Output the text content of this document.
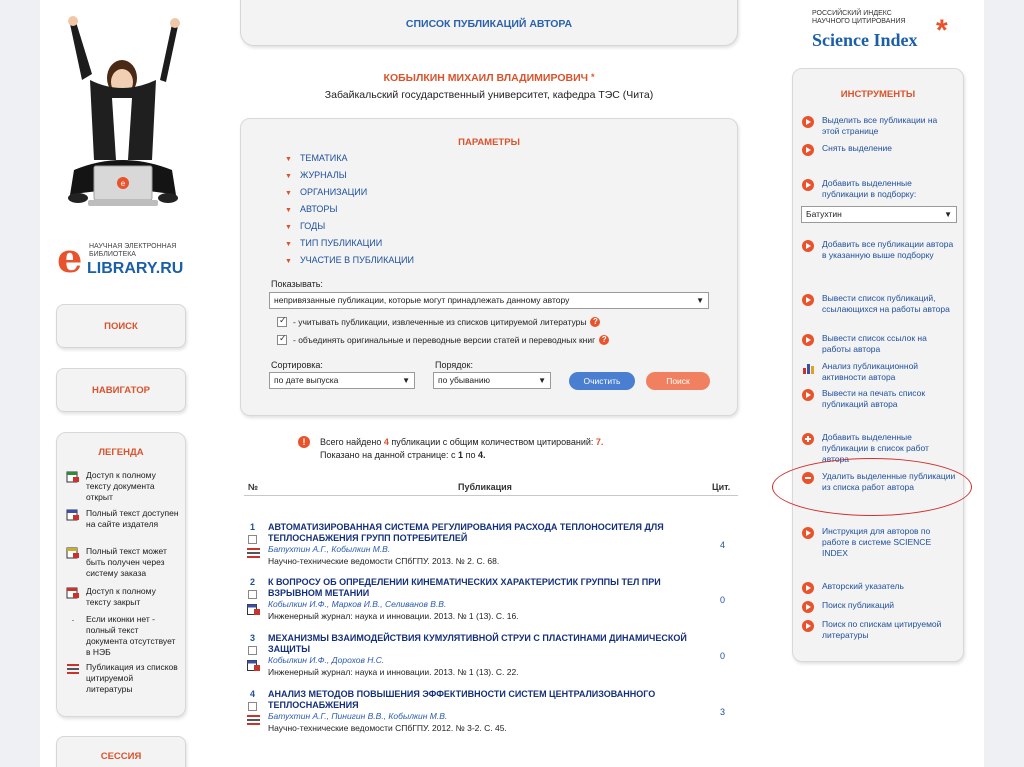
e
e НАУЧНАЯ ЭЛЕКТРОННАЯ БИБЛИОТЕКА
LIBRARY.RU
ПОИСК
НАВИГАТОР
ЛЕГЕНДА
Доступ к полному тексту документа открыт
Полный текст доступен на сайте издателя
Полный текст может быть получен через систему заказа
Доступ к полному тексту закрыт
·	Если иконки нет - полный текст документа отсутствует в НЭБ
Публикация из списков цитируемой литературы
СЕССИЯ
СПИСОК ПУБЛИКАЦИЙ АВТОРА
КОБЫЛКИН МИХАИЛ ВЛАДИМИРОВИЧ *
Забайкальский государственный университет, кафедра ТЭС (Чита)
ПАРАМЕТРЫ
▼ ТЕМАТИКА
▼ ЖУРНАЛЫ
▼ ОРГАНИЗАЦИИ
▼ АВТОРЫ
▼ ГОДЫ
▼ ТИП ПУБЛИКАЦИИ
▼ УЧАСТИЕ В ПУБЛИКАЦИИ
Показывать:
непривязанные публикации, которые могут принадлежать данному автору	▼
✓
- учитывать публикации, извлеченные из списков цитируемой литературы ?
✓
- объединять оригинальные и переводные версии статей и переводных книг ?
Сортировка:
по дате выпуска	▼
Порядок:
по убыванию	▼	Очистить	Поиск
!	Всего найдено 4 публикации с общим количеством цитирований: 7.
Показано на данной странице: с 1 по 4.
№	Публикация	Цит.
1 АВТОМАТИЗИРОВАННАЯ СИСТЕМА РЕГУЛИРОВАНИЯ РАСХОДА ТЕПЛОНОСИТЕЛЯ ДЛЯ ТЕПЛОСНАБЖЕНИЯ ГРУПП ПОТРЕБИТЕЛЕЙ
Батухтин А.Г., Кобылкин М.В.
Научно-технические ведомости СПбГПУ. 2013. № 2. С. 68.
4
2 К ВОПРОСУ ОБ ОПРЕДЕЛЕНИИ КИНЕМАТИЧЕСКИХ ХАРАКТЕРИСТИК ГРУППЫ ТЕЛ ПРИ ВЗРЫВНОМ МЕТАНИИ
Кобылкин И.Ф., Марков И.В., Селиванов В.В.
Инженерный журнал: наука и инновации. 2013. № 1 (13). С. 16.
0
3 МЕХАНИЗМЫ ВЗАИМОДЕЙСТВИЯ КУМУЛЯТИВНОЙ СТРУИ С ПЛАСТИНАМИ ДИНАМИЧЕСКОЙ ЗАЩИТЫ
Кобылкин И.Ф., Дорохов Н.С.
Инженерный журнал: наука и инновации. 2013. № 1 (13). С. 22.
0
4 АНАЛИЗ МЕТОДОВ ПОВЫШЕНИЯ ЭФФЕКТИВНОСТИ СИСТЕМ ЦЕНТРАЛИЗОВАННОГО ТЕПЛОСНАБЖЕНИЯ
Батухтин А.Г., Пинигин В.В., Кобылкин М.В.
Научно-технические ведомости СПбГПУ. 2012. № 3-2. С. 45.
3
РОССИЙСКИЙ ИНДЕКС
НАУЧНОГО ЦИТИРОВАНИЯ
Science Index *
ИНСТРУМЕНТЫ
Батухтин	▼
Выделить все публикации на этой странице
Снять выделение
Добавить выделенные публикации в подборку:
Добавить все публикации автора в указанную выше подборку
Вывести список публикаций, ссылающихся на работы автора
Вывести список ссылок на работы автора
Анализ публикационной активности автора
Вывести на печать список публикаций автора
Добавить выделенные публикации в список работ автора
Удалить выделенные публикации из списка работ автора
Инструкция для авторов по работе в системе SCIENCE INDEX
Авторский указатель
Поиск публикаций
Поиск по спискам цитируемой литературы
